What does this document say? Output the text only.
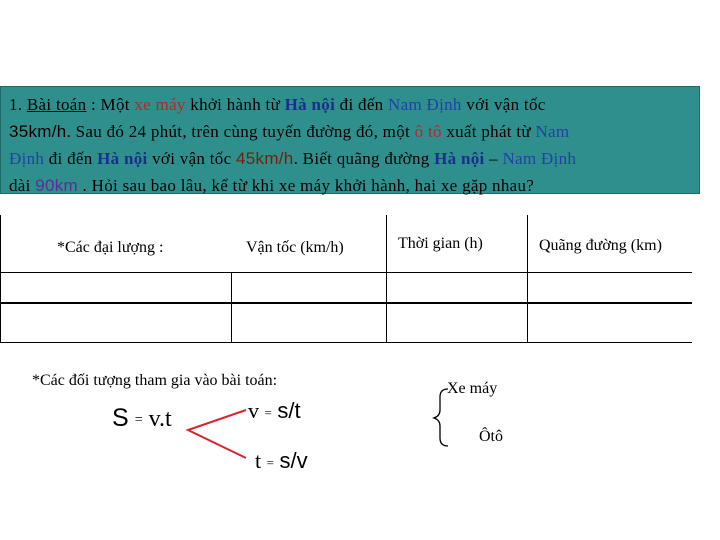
1. Bài toán : Một xe máy khởi hành từ Hà nội đi đến Nam Định với vận tốc
35km/h. Sau đó 24 phút, trên cùng tuyến đường đó, một ô tô xuất phát từ Nam
Định đi đến Hà nội với vận tốc 45km/h. Biết quãng đường Hà nội – Nam Định
dài 90km . Hỏi sau bao lâu, kể từ khi xe máy khởi hành, hai xe gặp nhau?
*Các đại lượng :	Vận tốc (km/h)	Thời gian (h)	Quãng đường (km)
*Các đối tượng tham gia vào bài toán:
S = v.t	v = s/t
t = s/v
Xe máy
Ôtô
